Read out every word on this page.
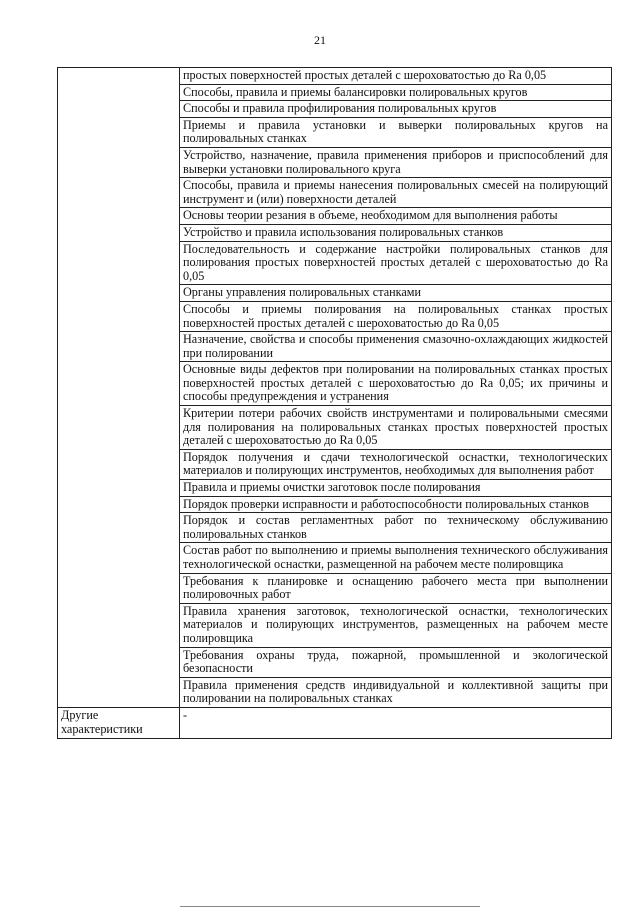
21
	простых поверхностей простых деталей с шероховатостью до Ra 0,05
	Способы, правила и приемы балансировки полировальных кругов
	Способы и правила профилирования полировальных кругов
	Приемы и правила установки и выверки полировальных кругов на полировальных станках
	Устройство, назначение, правила применения приборов и приспособлений для выверки установки полировального круга
	Способы, правила и приемы нанесения полировальных смесей на полирующий инструмент и (или) поверхности деталей
	Основы теории резания в объеме, необходимом для выполнения работы
	Устройство и правила использования полировальных станков
	Последовательность и содержание настройки полировальных станков для полирования простых поверхностей простых деталей с шероховатостью до Ra 0,05
	Органы управления полировальных станками
	Способы и приемы полирования на полировальных станках простых поверхностей простых деталей с шероховатостью до Ra 0,05
	Назначение, свойства и способы применения смазочно-охлаждающих жидкостей при полировании
	Основные виды дефектов при полировании на полировальных станках простых поверхностей простых деталей с шероховатостью до Ra 0,05; их причины и способы предупреждения и устранения
	Критерии потери рабочих свойств инструментами и полировальными смесями для полирования на полировальных станках простых поверхностей простых деталей с шероховатостью до Ra 0,05
	Порядок получения и сдачи технологической оснастки, технологических материалов и полирующих инструментов, необходимых для выполнения работ
	Правила и приемы очистки заготовок после полирования
	Порядок проверки исправности и работоспособности полировальных станков
	Порядок и состав регламентных работ по техническому обслуживанию полировальных станков
	Состав работ по выполнению и приемы выполнения технического обслуживания технологической оснастки, размещенной на рабочем месте полировщика
	Требования к планировке и оснащению рабочего места при выполнении полировочных работ
	Правила хранения заготовок, технологической оснастки, технологических материалов и полирующих инструментов, размещенных на рабочем месте полировщика
	Требования охраны труда, пожарной, промышленной и экологической безопасности
	Правила применения средств индивидуальной и коллективной защиты при полировании на полировальных станках
Другие характеристики	-
